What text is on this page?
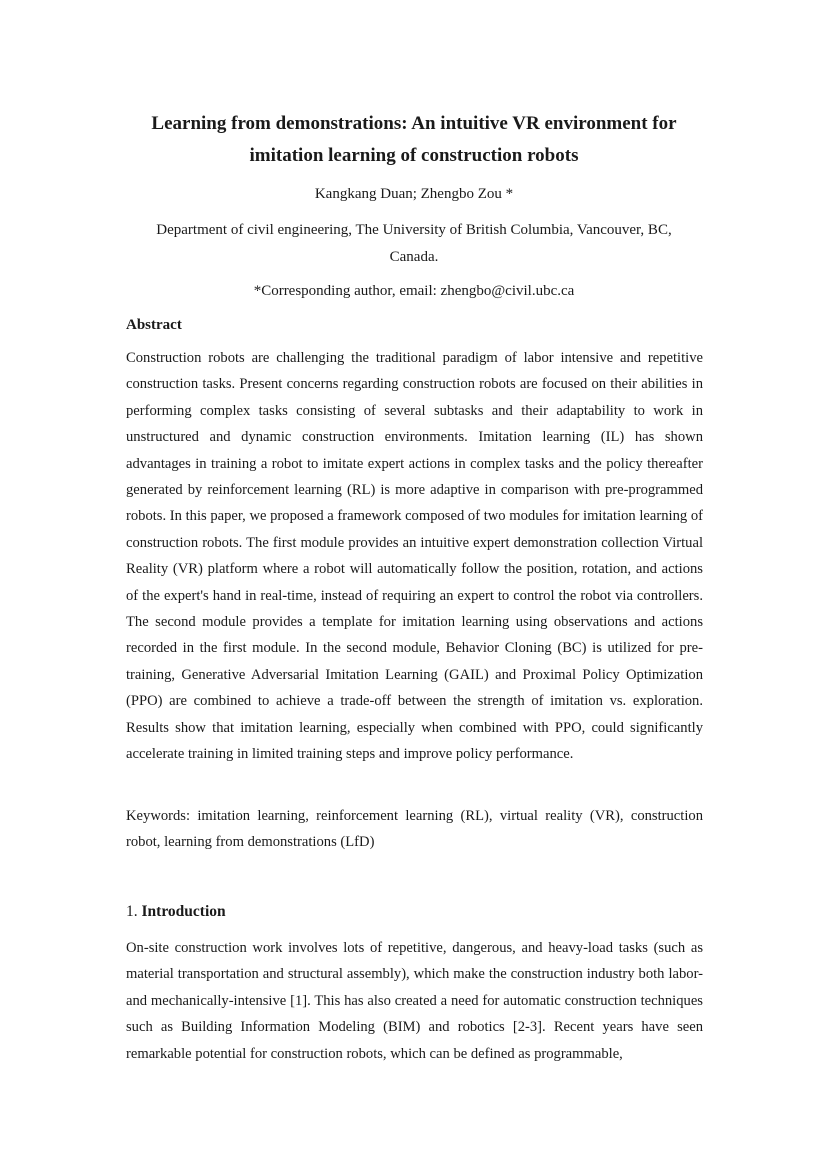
Learning from demonstrations: An intuitive VR environment for
imitation learning of construction robots
Kangkang Duan; Zhengbo Zou *
Department of civil engineering, The University of British Columbia, Vancouver, BC,
Canada.
*Corresponding author, email: zhengbo@civil.ubc.ca
Abstract

Construction robots are challenging the traditional paradigm of labor intensive and repetitive construction tasks. Present concerns regarding construction robots are focused on their abilities in performing complex tasks consisting of several subtasks and their adaptability to work in unstructured and dynamic construction environments. Imitation learning (IL) has shown advantages in training a robot to imitate expert actions in complex tasks and the policy thereafter generated by reinforcement learning (RL) is more adaptive in comparison with pre-programmed robots. In this paper, we proposed a framework composed of two modules for imitation learning of construction robots. The first module provides an intuitive expert demonstration collection Virtual Reality (VR) platform where a robot will automatically follow the position, rotation, and actions of the expert's hand in real-time, instead of requiring an expert to control the robot via controllers. The second module provides a template for imitation learning using observations and actions recorded in the first module. In the second module, Behavior Cloning (BC) is utilized for pre-training, Generative Adversarial Imitation Learning (GAIL) and Proximal Policy Optimization (PPO) are combined to achieve a trade-off between the strength of imitation vs. exploration. Results show that imitation learning, especially when combined with PPO, could significantly accelerate training in limited training steps and improve policy performance.

Keywords: imitation learning, reinforcement learning (RL), virtual reality (VR), construction robot, learning from demonstrations (LfD)

1. Introduction

On-site construction work involves lots of repetitive, dangerous, and heavy-load tasks (such as material transportation and structural assembly), which make the construction industry both labor- and mechanically-intensive [1]. This has also created a need for automatic construction techniques such as Building Information Modeling (BIM) and robotics [2-3]. Recent years have seen remarkable potential for construction robots, which can be defined as programmable,
